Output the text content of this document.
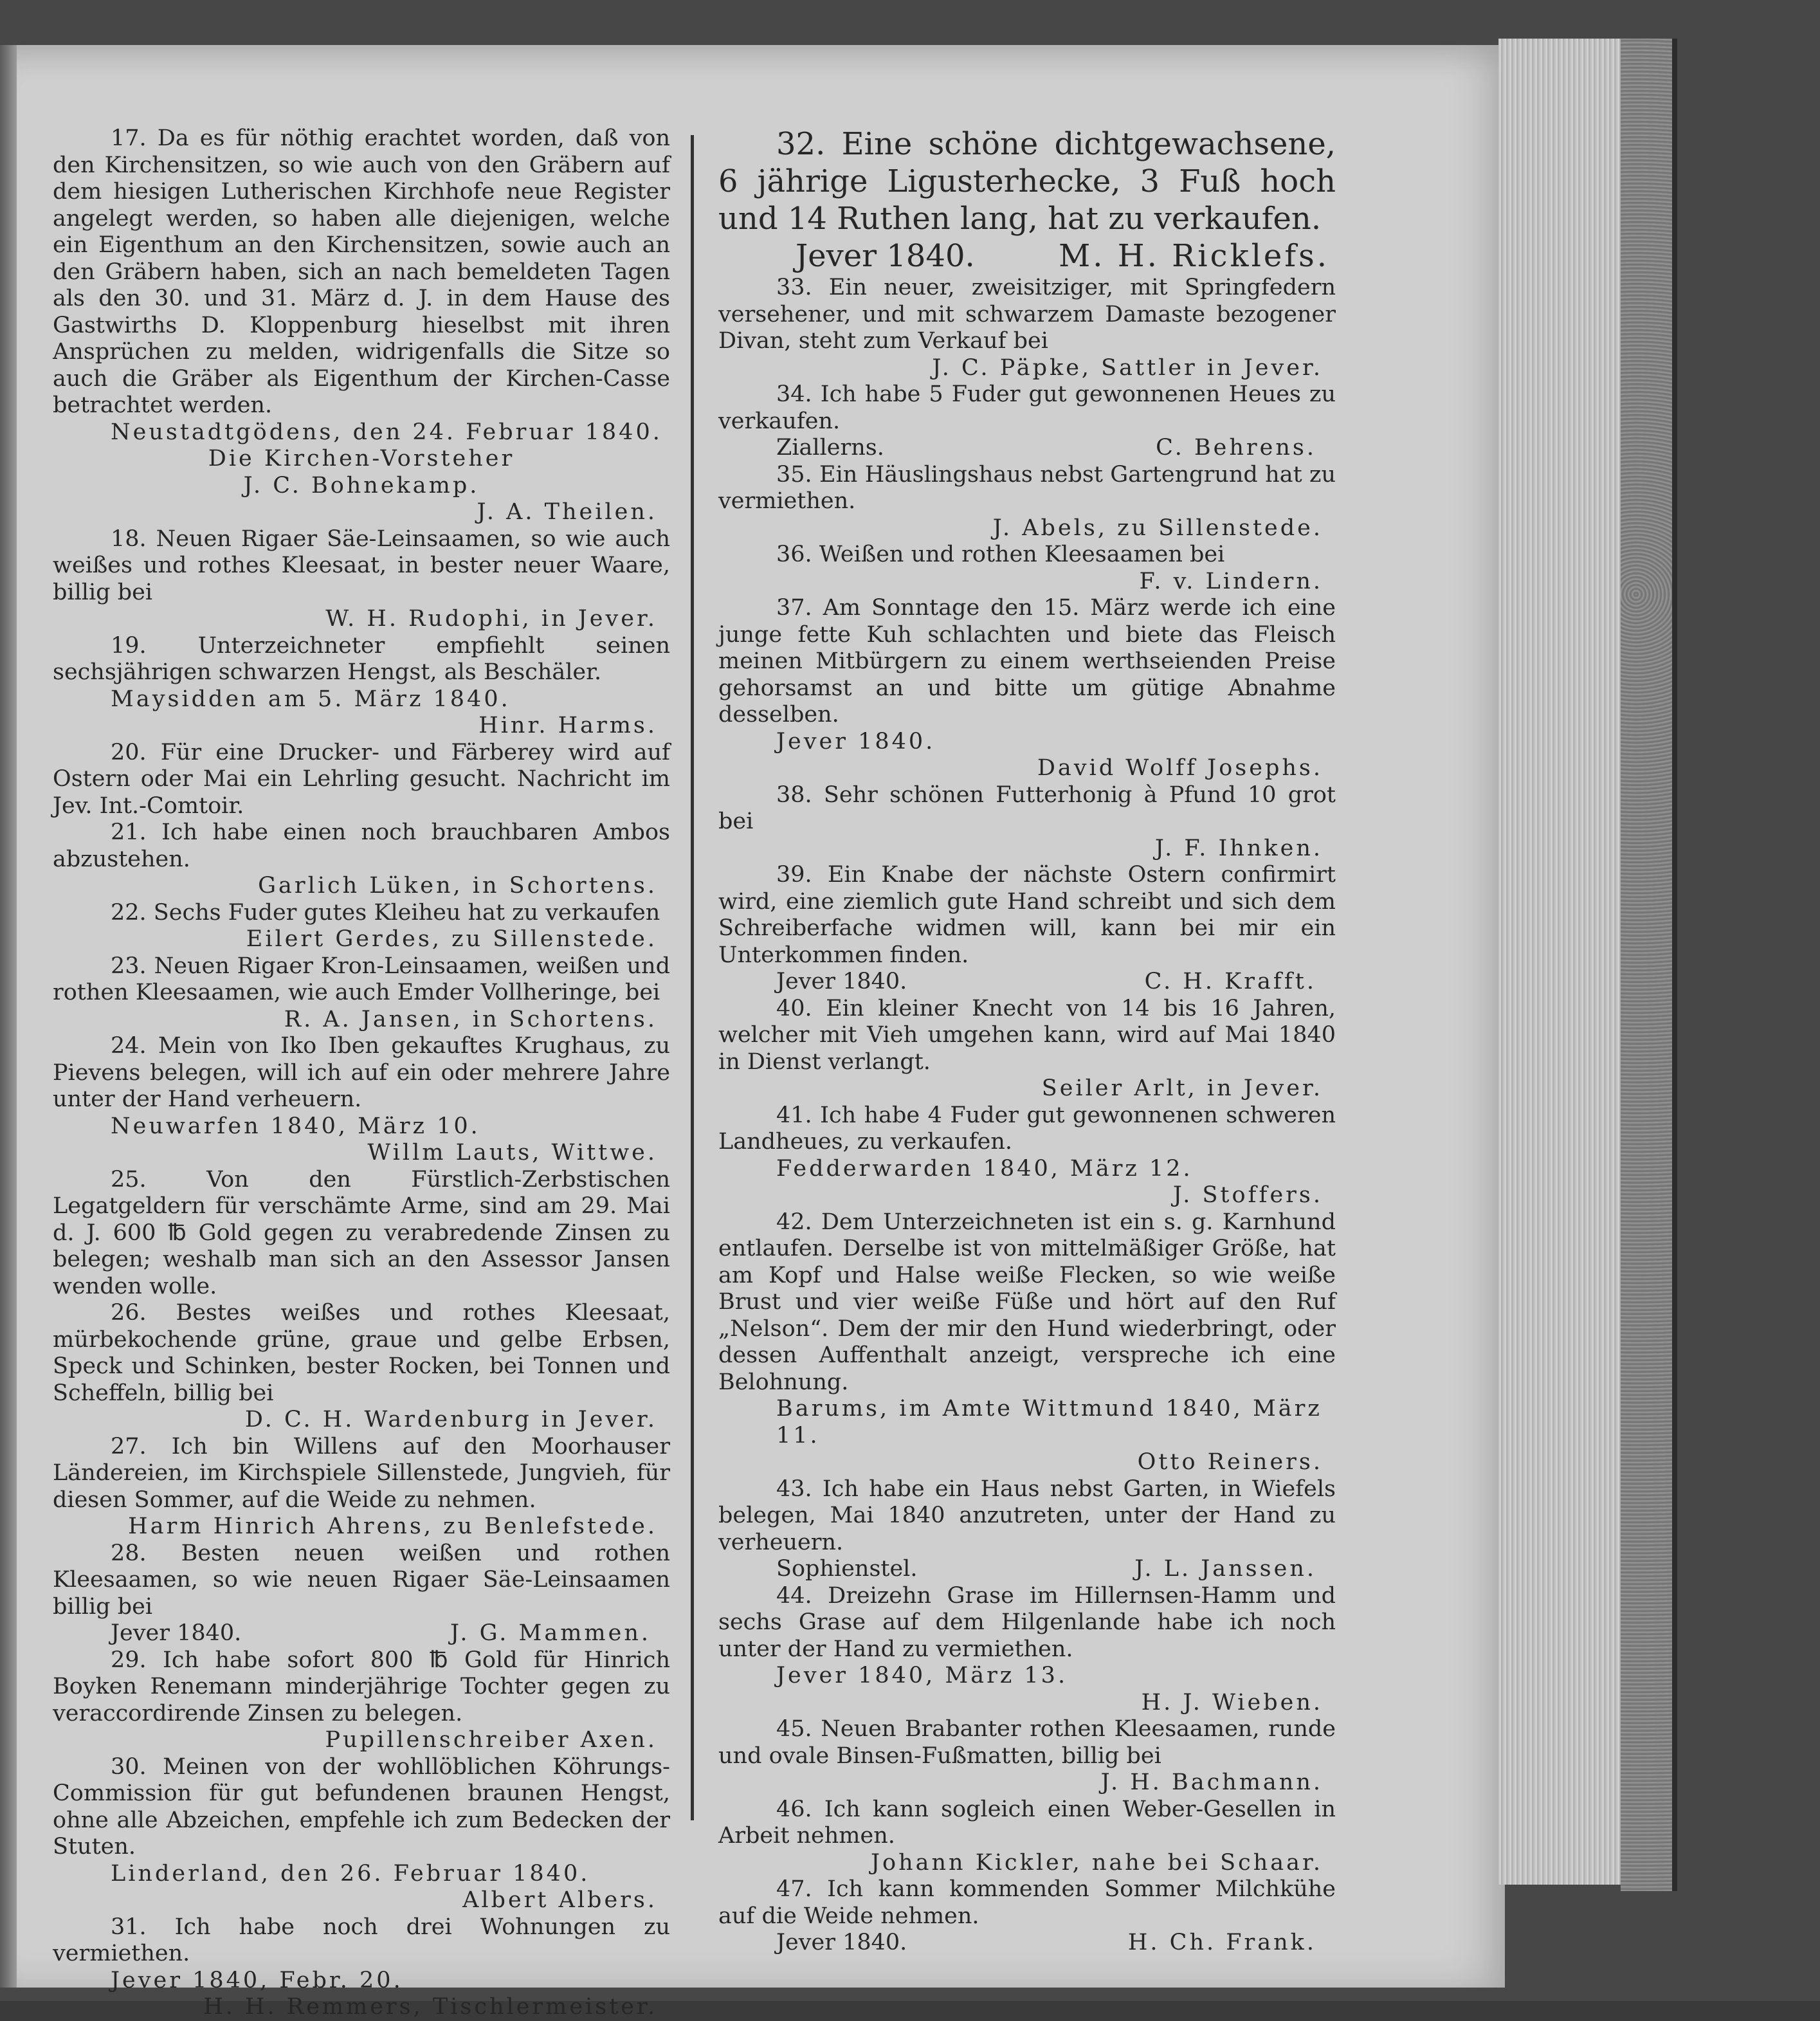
17. Da es für nöthig erachtet worden, daß von den Kirchensitzen, so wie auch von den Gräbern auf dem hiesigen Lutherischen Kirchhofe neue Register angelegt werden, so haben alle diejenigen, welche ein Eigenthum an den Kirchensitzen, sowie auch an den Gräbern haben, sich an nach bemeldeten Tagen als den 30. und 31. März d. J. in dem Hause des Gastwirths D. Kloppenburg hieselbst mit ihren Ansprüchen zu melden, widrigenfalls die Sitze so auch die Gräber als Eigenthum der Kirchen-Casse betrachtet werden.

Neustadtgödens, den 24. Februar 1840.

Die Kirchen-Vorsteher

J. C. Bohnekamp.

J. A. Theilen.

18. Neuen Rigaer Säe-Leinsaamen, so wie auch weißes und rothes Kleesaat, in bester neuer Waare, billig bei

W. H. Rudophi, in Jever.

19. Unterzeichneter empfiehlt seinen sechsjährigen schwarzen Hengst, als Beschäler.

Maysidden am 5. März 1840.

Hinr. Harms.

20. Für eine Drucker- und Färberey wird auf Ostern oder Mai ein Lehrling gesucht. Nachricht im Jev. Int.-Comtoir.

21. Ich habe einen noch brauchbaren Ambos abzustehen.

Garlich Lüken, in Schortens.

22. Sechs Fuder gutes Kleiheu hat zu verkaufen

Eilert Gerdes, zu Sillenstede.

23. Neuen Rigaer Kron-Leinsaamen, weißen und rothen Kleesaamen, wie auch Emder Vollheringe, bei

R. A. Jansen, in Schortens.

24. Mein von Iko Iben gekauftes Krughaus, zu Pievens belegen, will ich auf ein oder mehrere Jahre unter der Hand verheuern.

Neuwarfen 1840, März 10.

Willm Lauts, Wittwe.

25. Von den Fürstlich-Zerbstischen Legatgeldern für verschämte Arme, sind am 29. Mai d. J. 600 ℔ Gold gegen zu verabredende Zinsen zu belegen; weshalb man sich an den Assessor Jansen wenden wolle.

26. Bestes weißes und rothes Kleesaat, mürbekochende grüne, graue und gelbe Erbsen, Speck und Schinken, bester Rocken, bei Tonnen und Scheffeln, billig bei

D. C. H. Wardenburg in Jever.

27. Ich bin Willens auf den Moorhauser Ländereien, im Kirchspiele Sillenstede, Jungvieh, für diesen Sommer, auf die Weide zu nehmen.

Harm Hinrich Ahrens, zu Benlefstede.

28. Besten neuen weißen und rothen Kleesaamen, so wie neuen Rigaer Säe-Leinsaamen billig bei

Jever 1840.	J. G. Mammen.

29. Ich habe sofort 800 ℔ Gold für Hinrich Boyken Renemann minderjährige Tochter gegen zu veraccordirende Zinsen zu belegen.

Pupillenschreiber Axen.

30. Meinen von der wohllöblichen Köhrungs-Commission für gut befundenen braunen Hengst, ohne alle Abzeichen, empfehle ich zum Bedecken der Stuten.

Linderland, den 26. Februar 1840.

Albert Albers.

31. Ich habe noch drei Wohnungen zu vermiethen.

Jever 1840, Febr. 20.

H. H. Remmers, Tischlermeister.

32. Eine schöne dichtgewachsene, 6 jährige Ligusterhecke, 3 Fuß hoch und 14 Ruthen lang, hat zu verkaufen.

Jever 1840.	M. H. Ricklefs.

33. Ein neuer, zweisitziger, mit Springfedern versehener, und mit schwarzem Damaste bezogener Divan, steht zum Verkauf bei

J. C. Päpke, Sattler in Jever.

34. Ich habe 5 Fuder gut gewonnenen Heues zu verkaufen.

Ziallerns.	C. Behrens.

35. Ein Häuslingshaus nebst Gartengrund hat zu vermiethen.

J. Abels, zu Sillenstede.

36. Weißen und rothen Kleesaamen bei

F. v. Lindern.

37. Am Sonntage den 15. März werde ich eine junge fette Kuh schlachten und biete das Fleisch meinen Mitbürgern zu einem werthseienden Preise gehorsamst an und bitte um gütige Abnahme desselben.

Jever 1840.

David Wolff Josephs.

38. Sehr schönen Futterhonig à Pfund 10 grot bei

J. F. Ihnken.

39. Ein Knabe der nächste Ostern confirmirt wird, eine ziemlich gute Hand schreibt und sich dem Schreiberfache widmen will, kann bei mir ein Unterkommen finden.

Jever 1840.	C. H. Krafft.

40. Ein kleiner Knecht von 14 bis 16 Jahren, welcher mit Vieh umgehen kann, wird auf Mai 1840 in Dienst verlangt.

Seiler Arlt, in Jever.

41. Ich habe 4 Fuder gut gewonnenen schweren Landheues, zu verkaufen.

Fedderwarden 1840, März 12.

J. Stoffers.

42. Dem Unterzeichneten ist ein s. g. Karnhund entlaufen. Derselbe ist von mittelmäßiger Größe, hat am Kopf und Halse weiße Flecken, so wie weiße Brust und vier weiße Füße und hört auf den Ruf „Nelson“. Dem der mir den Hund wiederbringt, oder dessen Auffenthalt anzeigt, verspreche ich eine Belohnung.

Barums, im Amte Wittmund 1840, März 11.

Otto Reiners.

43. Ich habe ein Haus nebst Garten, in Wiefels belegen, Mai 1840 anzutreten, unter der Hand zu verheuern.

Sophienstel.	J. L. Janssen.

44. Dreizehn Grase im Hillernsen-Hamm und sechs Grase auf dem Hilgenlande habe ich noch unter der Hand zu vermiethen.

Jever 1840, März 13.

H. J. Wieben.

45. Neuen Brabanter rothen Kleesaamen, runde und ovale Binsen-Fußmatten, billig bei

J. H. Bachmann.

46. Ich kann sogleich einen Weber-Gesellen in Arbeit nehmen.

Johann Kickler, nahe bei Schaar.

47. Ich kann kommenden Sommer Milchkühe auf die Weide nehmen.

Jever 1840.	H. Ch. Frank.
